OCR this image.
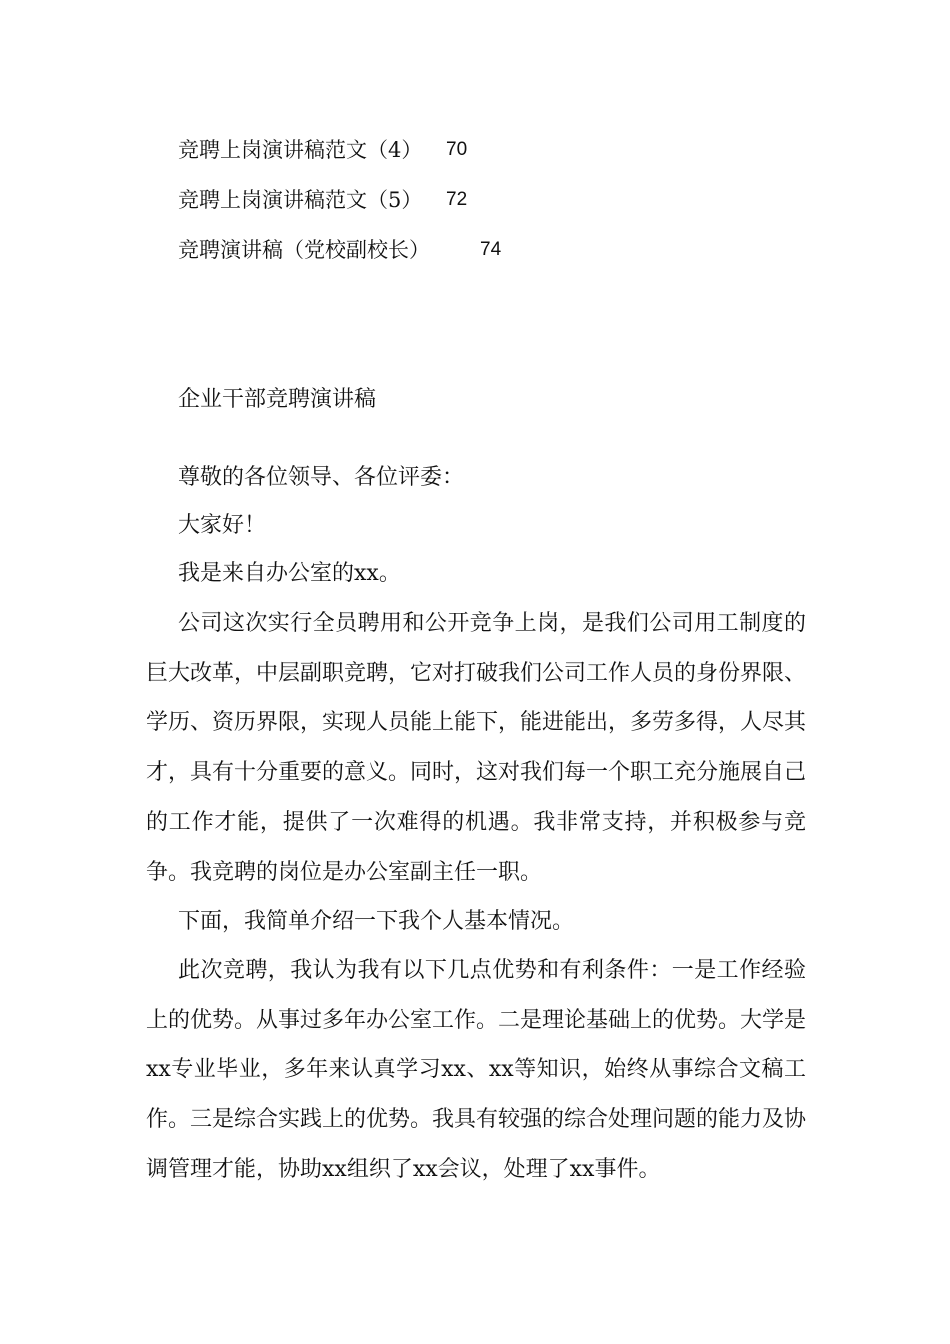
竞聘上岗演讲稿范文（4） 70
竞聘上岗演讲稿范文（5） 72
竞聘演讲稿（党校副校长）	74
企业干部竞聘演讲稿
尊敬的各位领导、各位评委：
大家好！
我是来自办公室的xx。

公司这次实行全员聘用和公开竞争上岗，是我们公司用工制度的巨大改革，中层副职竞聘，它对打破我们公司工作人员的身份界限、学历、资历界限，实现人员能上能下，能进能出，多劳多得，人尽其才，具有十分重要的意义。同时，这对我们每一个职工充分施展自己的工作才能，提供了一次难得的机遇。我非常支持，并积极参与竞争。我竞聘的岗位是办公室副主任一职。

下面，我简单介绍一下我个人基本情况。

此次竞聘，我认为我有以下几点优势和有利条件：一是工作经验上的优势。从事过多年办公室工作。二是理论基础上的优势。大学是xx专业毕业，多年来认真学习xx、xx等知识，始终从事综合文稿工作。三是综合实践上的优势。我具有较强的综合处理问题的能力及协调管理才能，协助xx组织了xx会议，处理了xx事件。
